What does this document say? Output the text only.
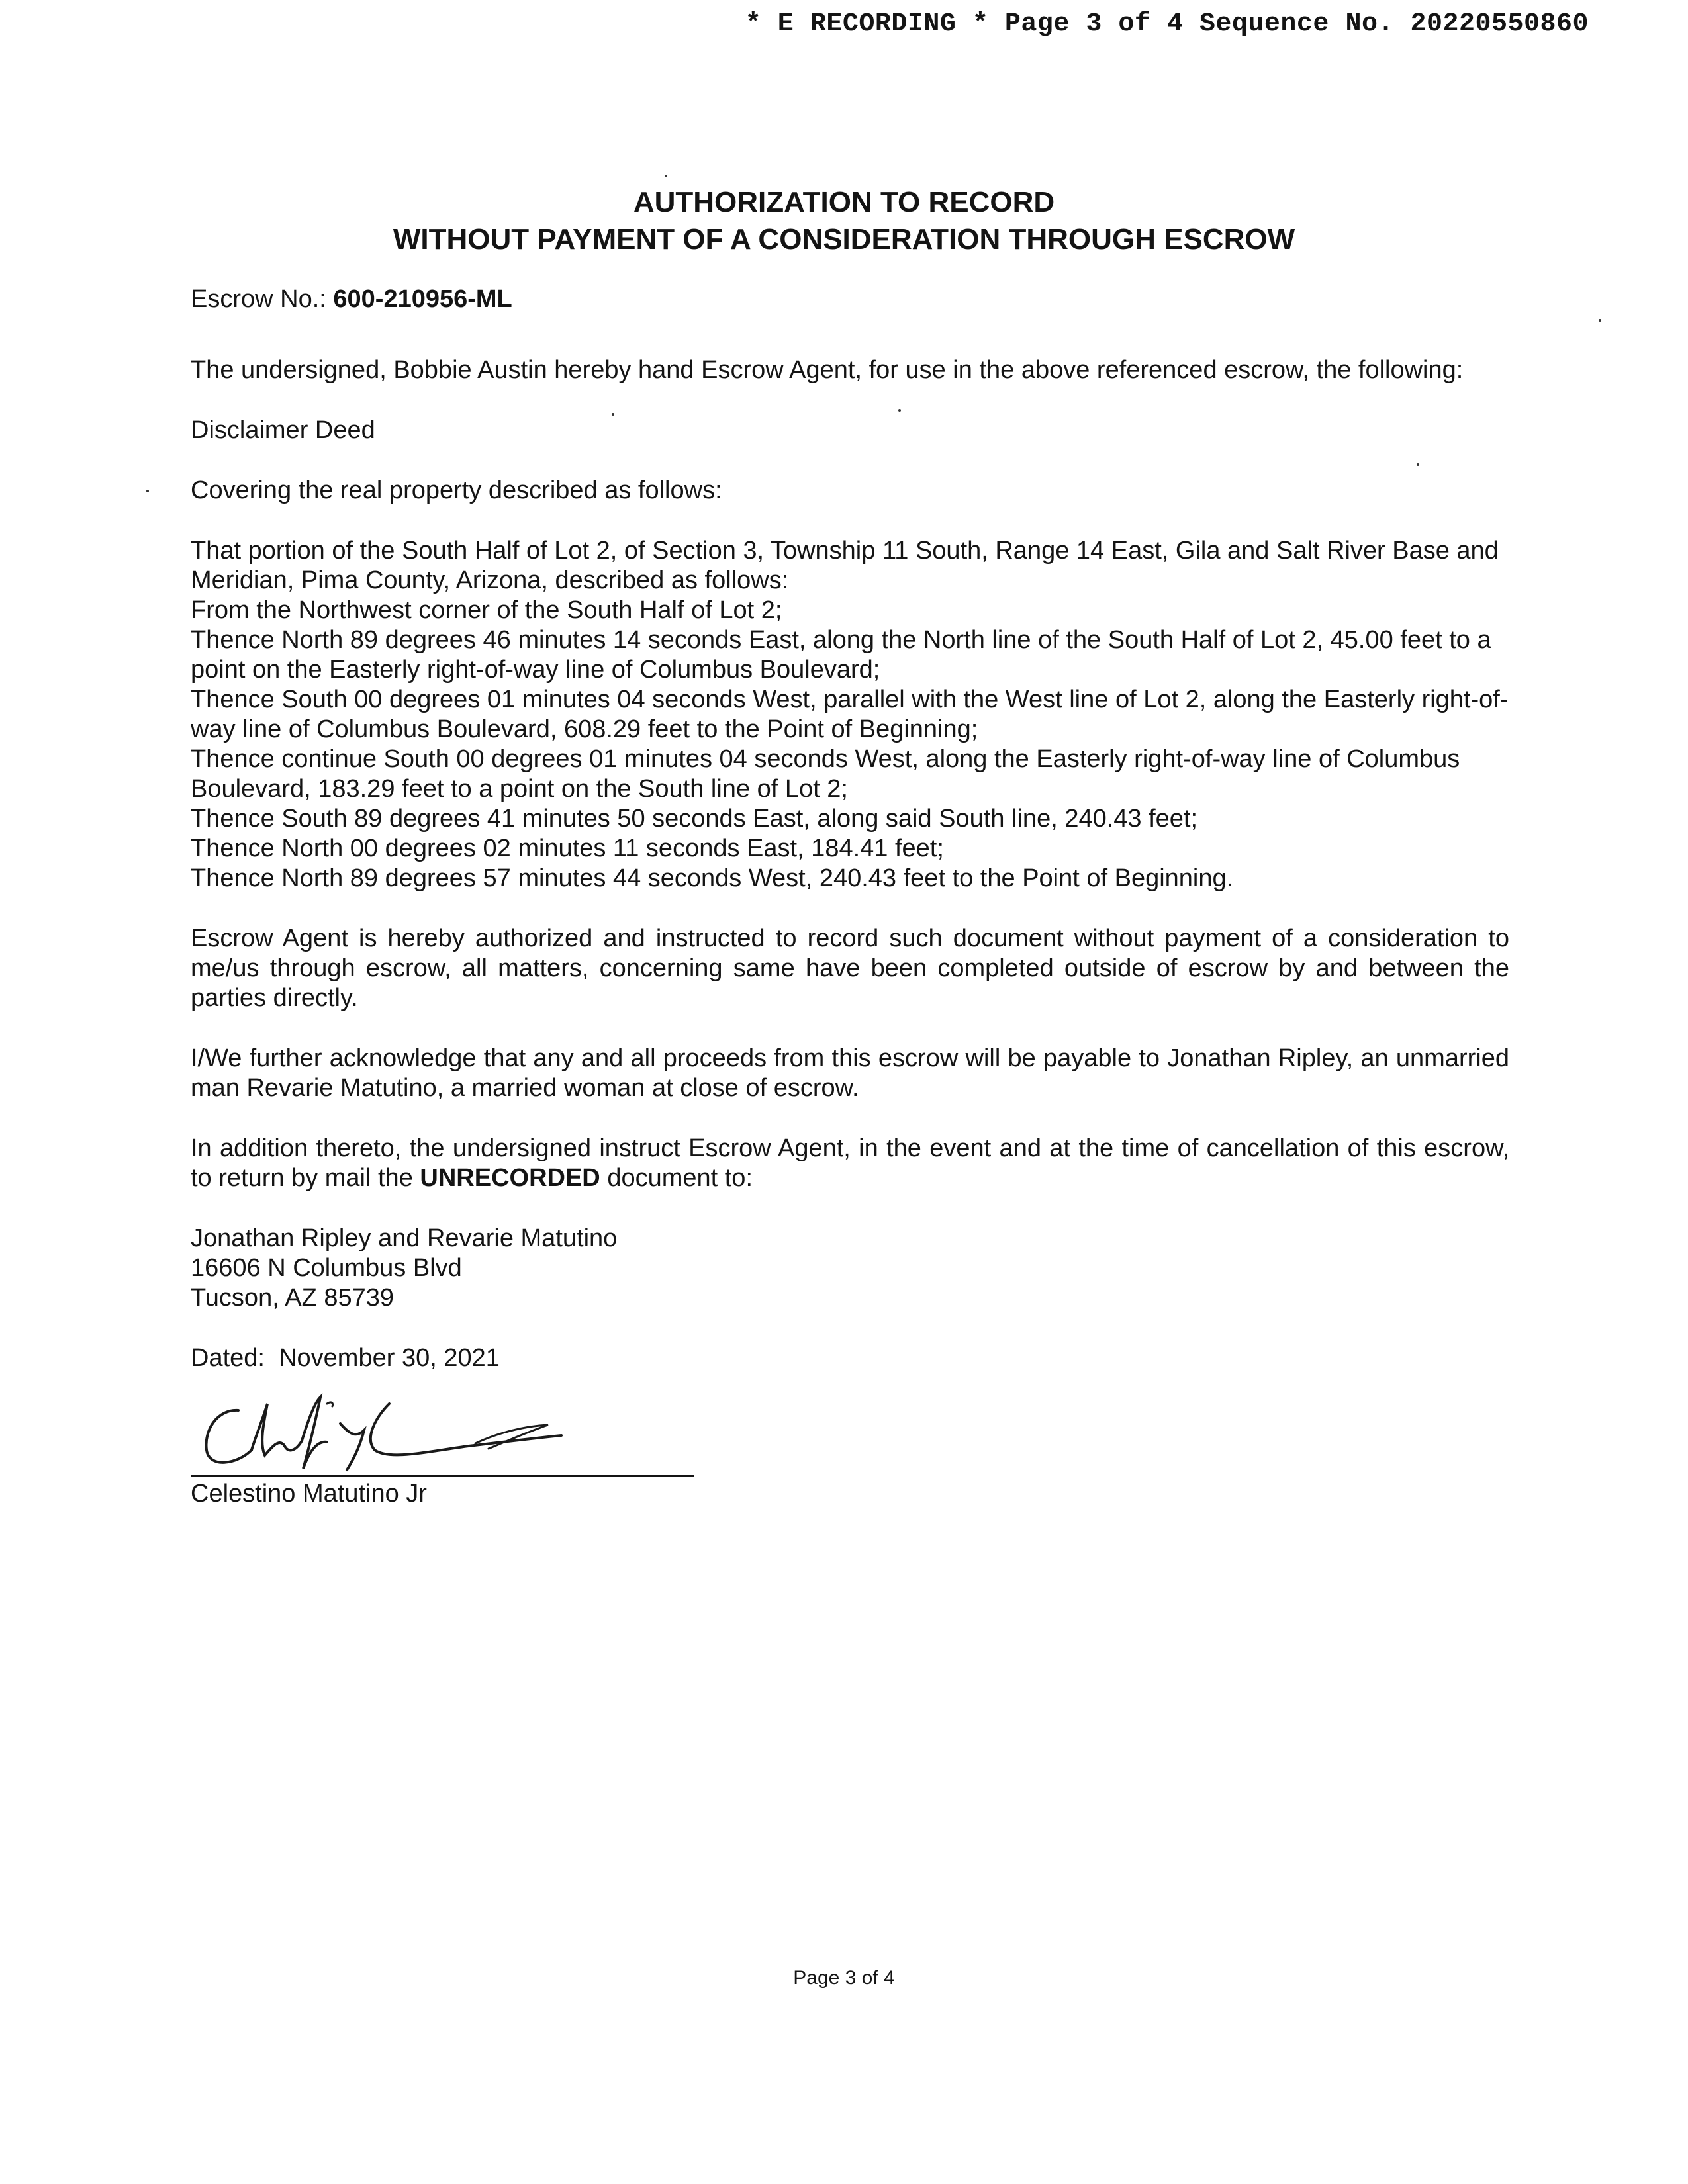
* E RECORDING * Page 3 of 4 Sequence No. 20220550860
AUTHORIZATION TO RECORD
WITHOUT PAYMENT OF A CONSIDERATION THROUGH ESCROW

Escrow No.: 600-210956-ML

The undersigned, Bobbie Austin hereby hand Escrow Agent, for use in the above referenced escrow, the following:

Disclaimer Deed

Covering the real property described as follows:

That portion of the South Half of Lot 2, of Section 3, Township 11 South, Range 14 East, Gila and Salt River Base and Meridian, Pima County, Arizona, described as follows:

From the Northwest corner of the South Half of Lot 2;

Thence North 89 degrees 46 minutes 14 seconds East, along the North line of the South Half of Lot 2, 45.00 feet to a point on the Easterly right-of-way line of Columbus Boulevard;

Thence South 00 degrees 01 minutes 04 seconds West, parallel with the West line of Lot 2, along the Easterly right-of-way line of Columbus Boulevard, 608.29 feet to the Point of Beginning;

Thence continue South 00 degrees 01 minutes 04 seconds West, along the Easterly right-of-way line of Columbus Boulevard, 183.29 feet to a point on the South line of Lot 2;

Thence South 89 degrees 41 minutes 50 seconds East, along said South line, 240.43 feet;

Thence North 00 degrees 02 minutes 11 seconds East, 184.41 feet;

Thence North 89 degrees 57 minutes 44 seconds West, 240.43 feet to the Point of Beginning.

Escrow Agent is hereby authorized and instructed to record such document without payment of a consideration to me/us through escrow, all matters, concerning same have been completed outside of escrow by and between the parties directly.

I/We further acknowledge that any and all proceeds from this escrow will be payable to Jonathan Ripley, an unmarried man Revarie Matutino, a married woman at close of escrow.

In addition thereto, the undersigned instruct Escrow Agent, in the event and at the time of cancellation of this escrow, to return by mail the UNRECORDED document to:

Jonathan Ripley and Revarie Matutino
16606 N Columbus Blvd
Tucson, AZ 85739

Dated: November 30, 2021

Celestino Matutino Jr
Page 3 of 4
